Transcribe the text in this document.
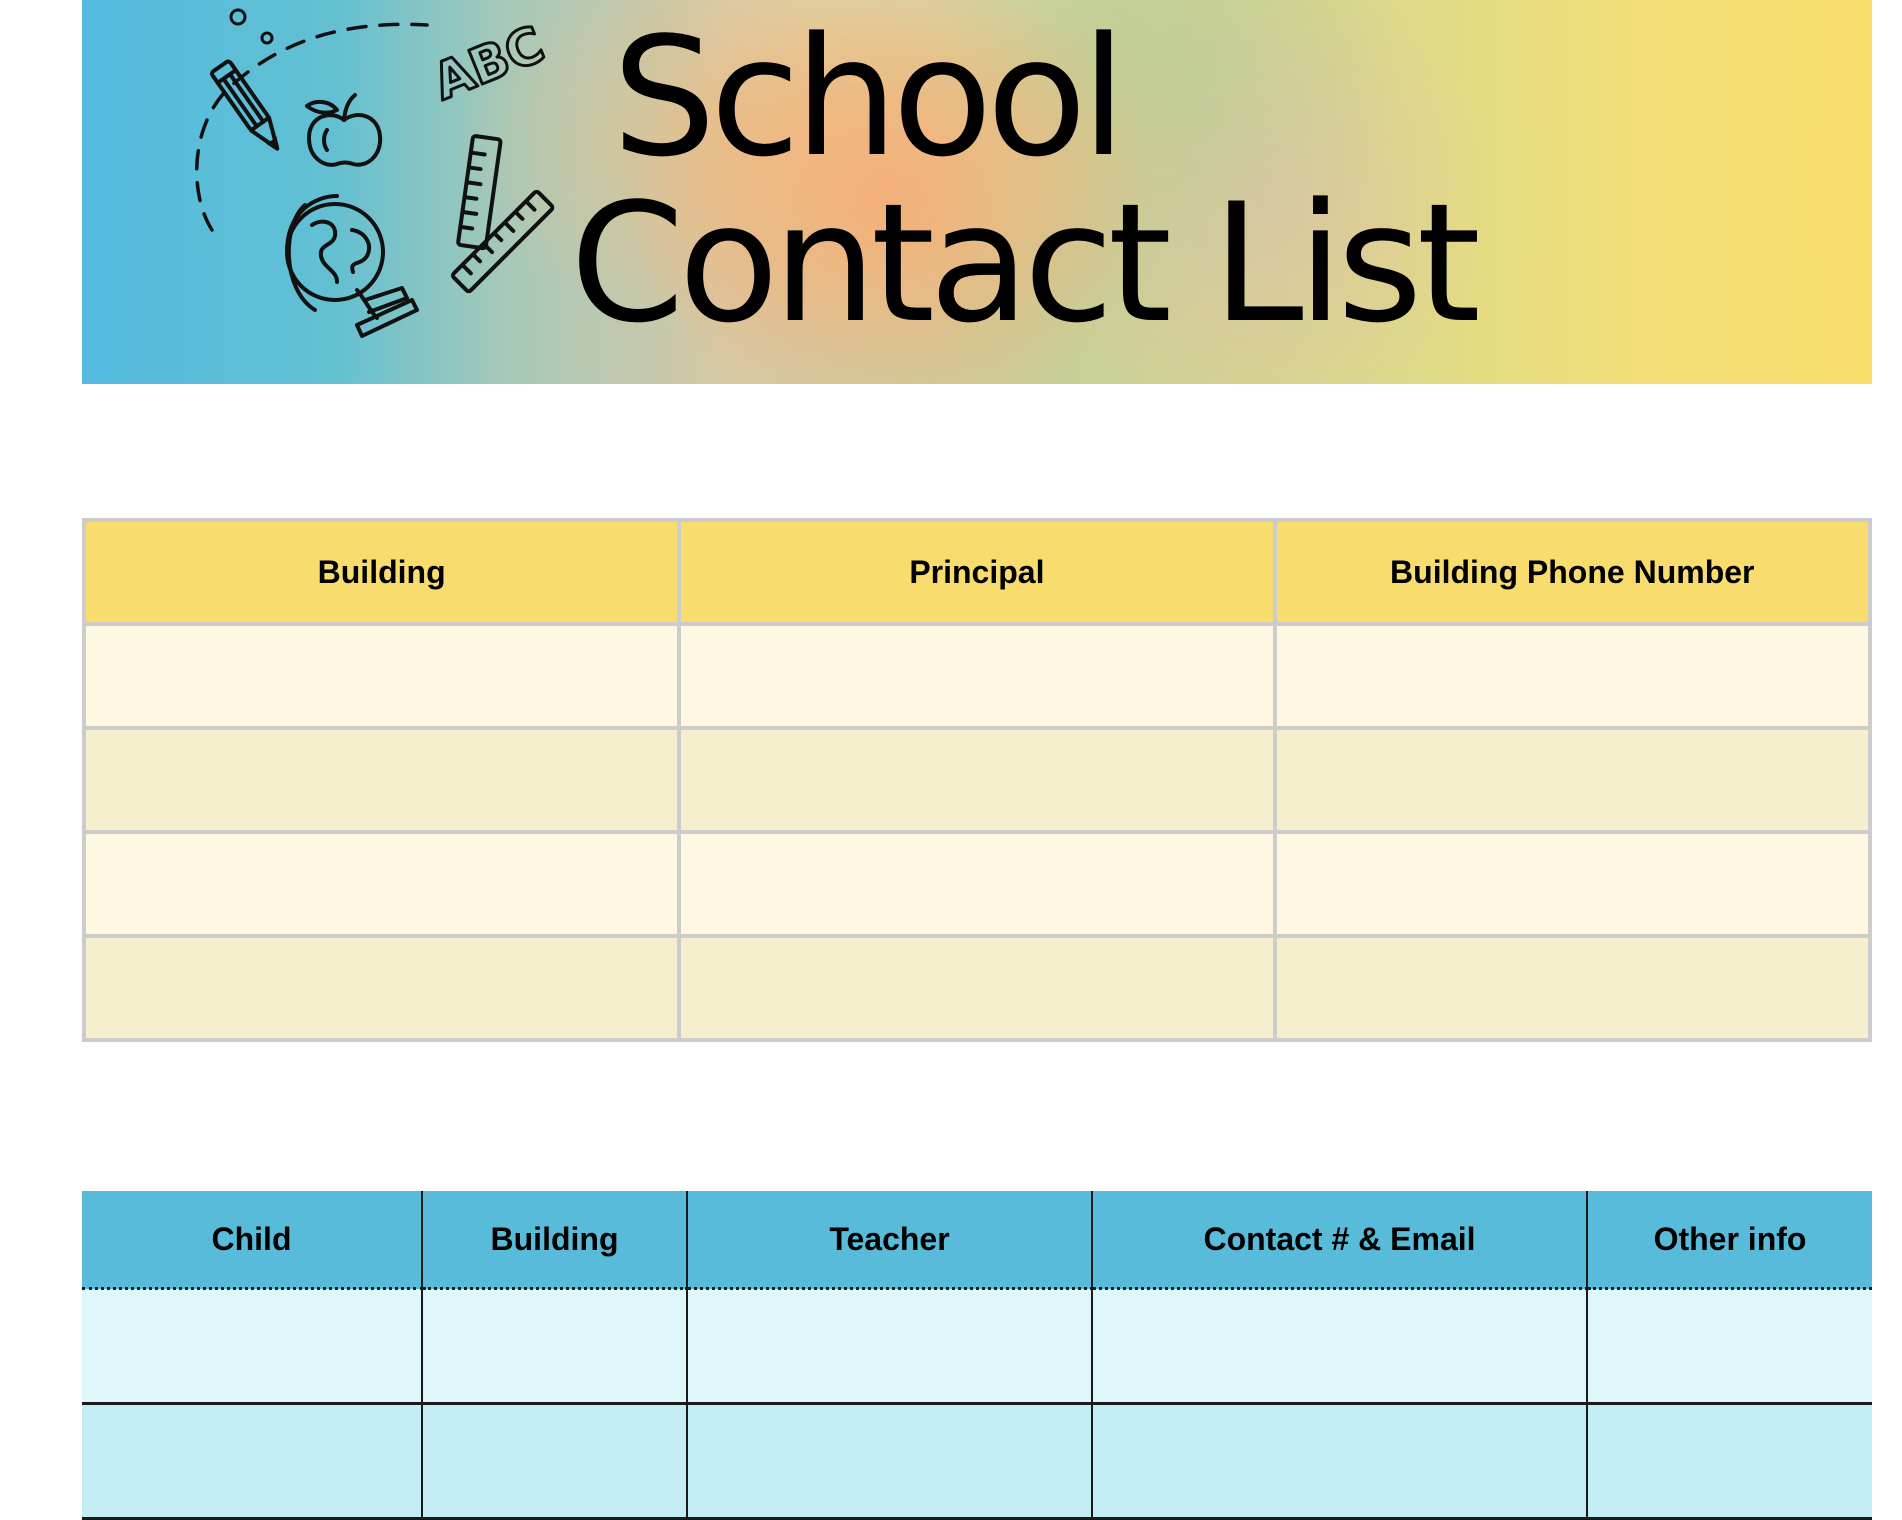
ABC School
Contact List
Building	Principal	Building Phone Number

Child	Building	Teacher	Contact # & Email	Other info
